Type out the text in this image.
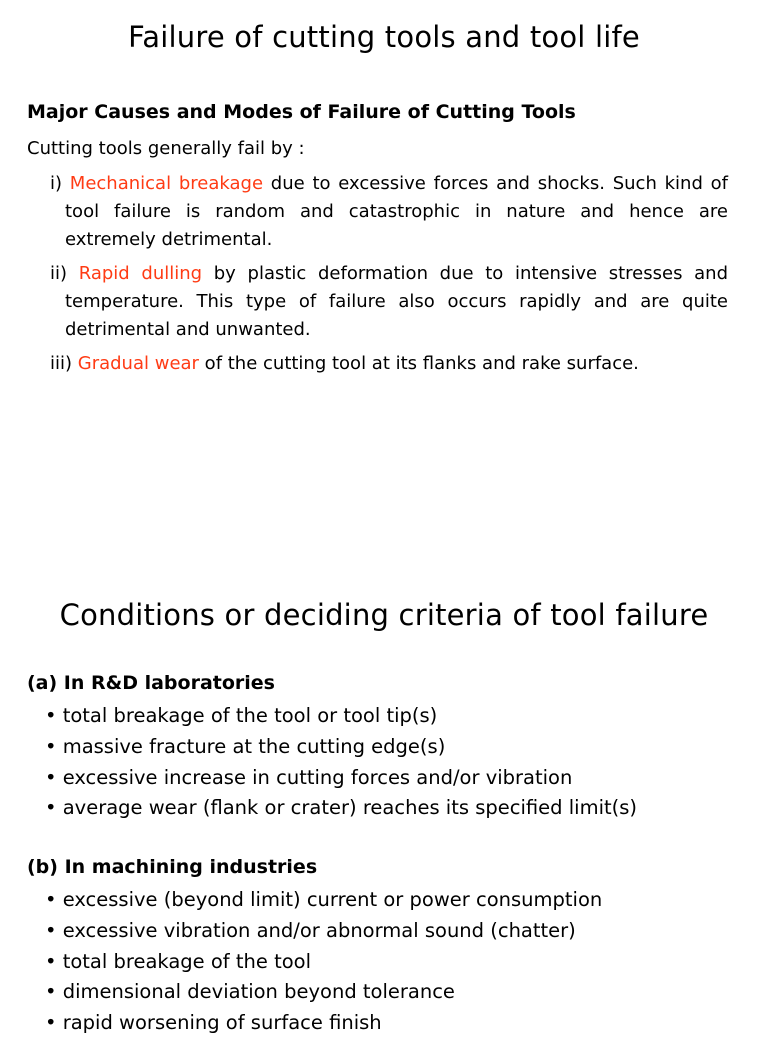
Failure of cutting tools and tool life
Major Causes and Modes of Failure of Cutting Tools

Cutting tools generally fail by :

i) Mechanical breakage due to excessive forces and shocks. Such kind of tool failure is random and catastrophic in nature and hence are extremely detrimental.
ii) Rapid dulling by plastic deformation due to intensive stresses and temperature. This type of failure also occurs rapidly and are quite detrimental and unwanted.
iii) Gradual wear of the cutting tool at its flanks and rake surface.
Conditions or deciding criteria of tool failure
(a) In R&D laboratories
• total breakage of the tool or tool tip(s)
• massive fracture at the cutting edge(s)
• excessive increase in cutting forces and/or vibration
• average wear (flank or crater) reaches its specified limit(s)
(b) In machining industries
• excessive (beyond limit) current or power consumption
• excessive vibration and/or abnormal sound (chatter)
• total breakage of the tool
• dimensional deviation beyond tolerance
• rapid worsening of surface finish
